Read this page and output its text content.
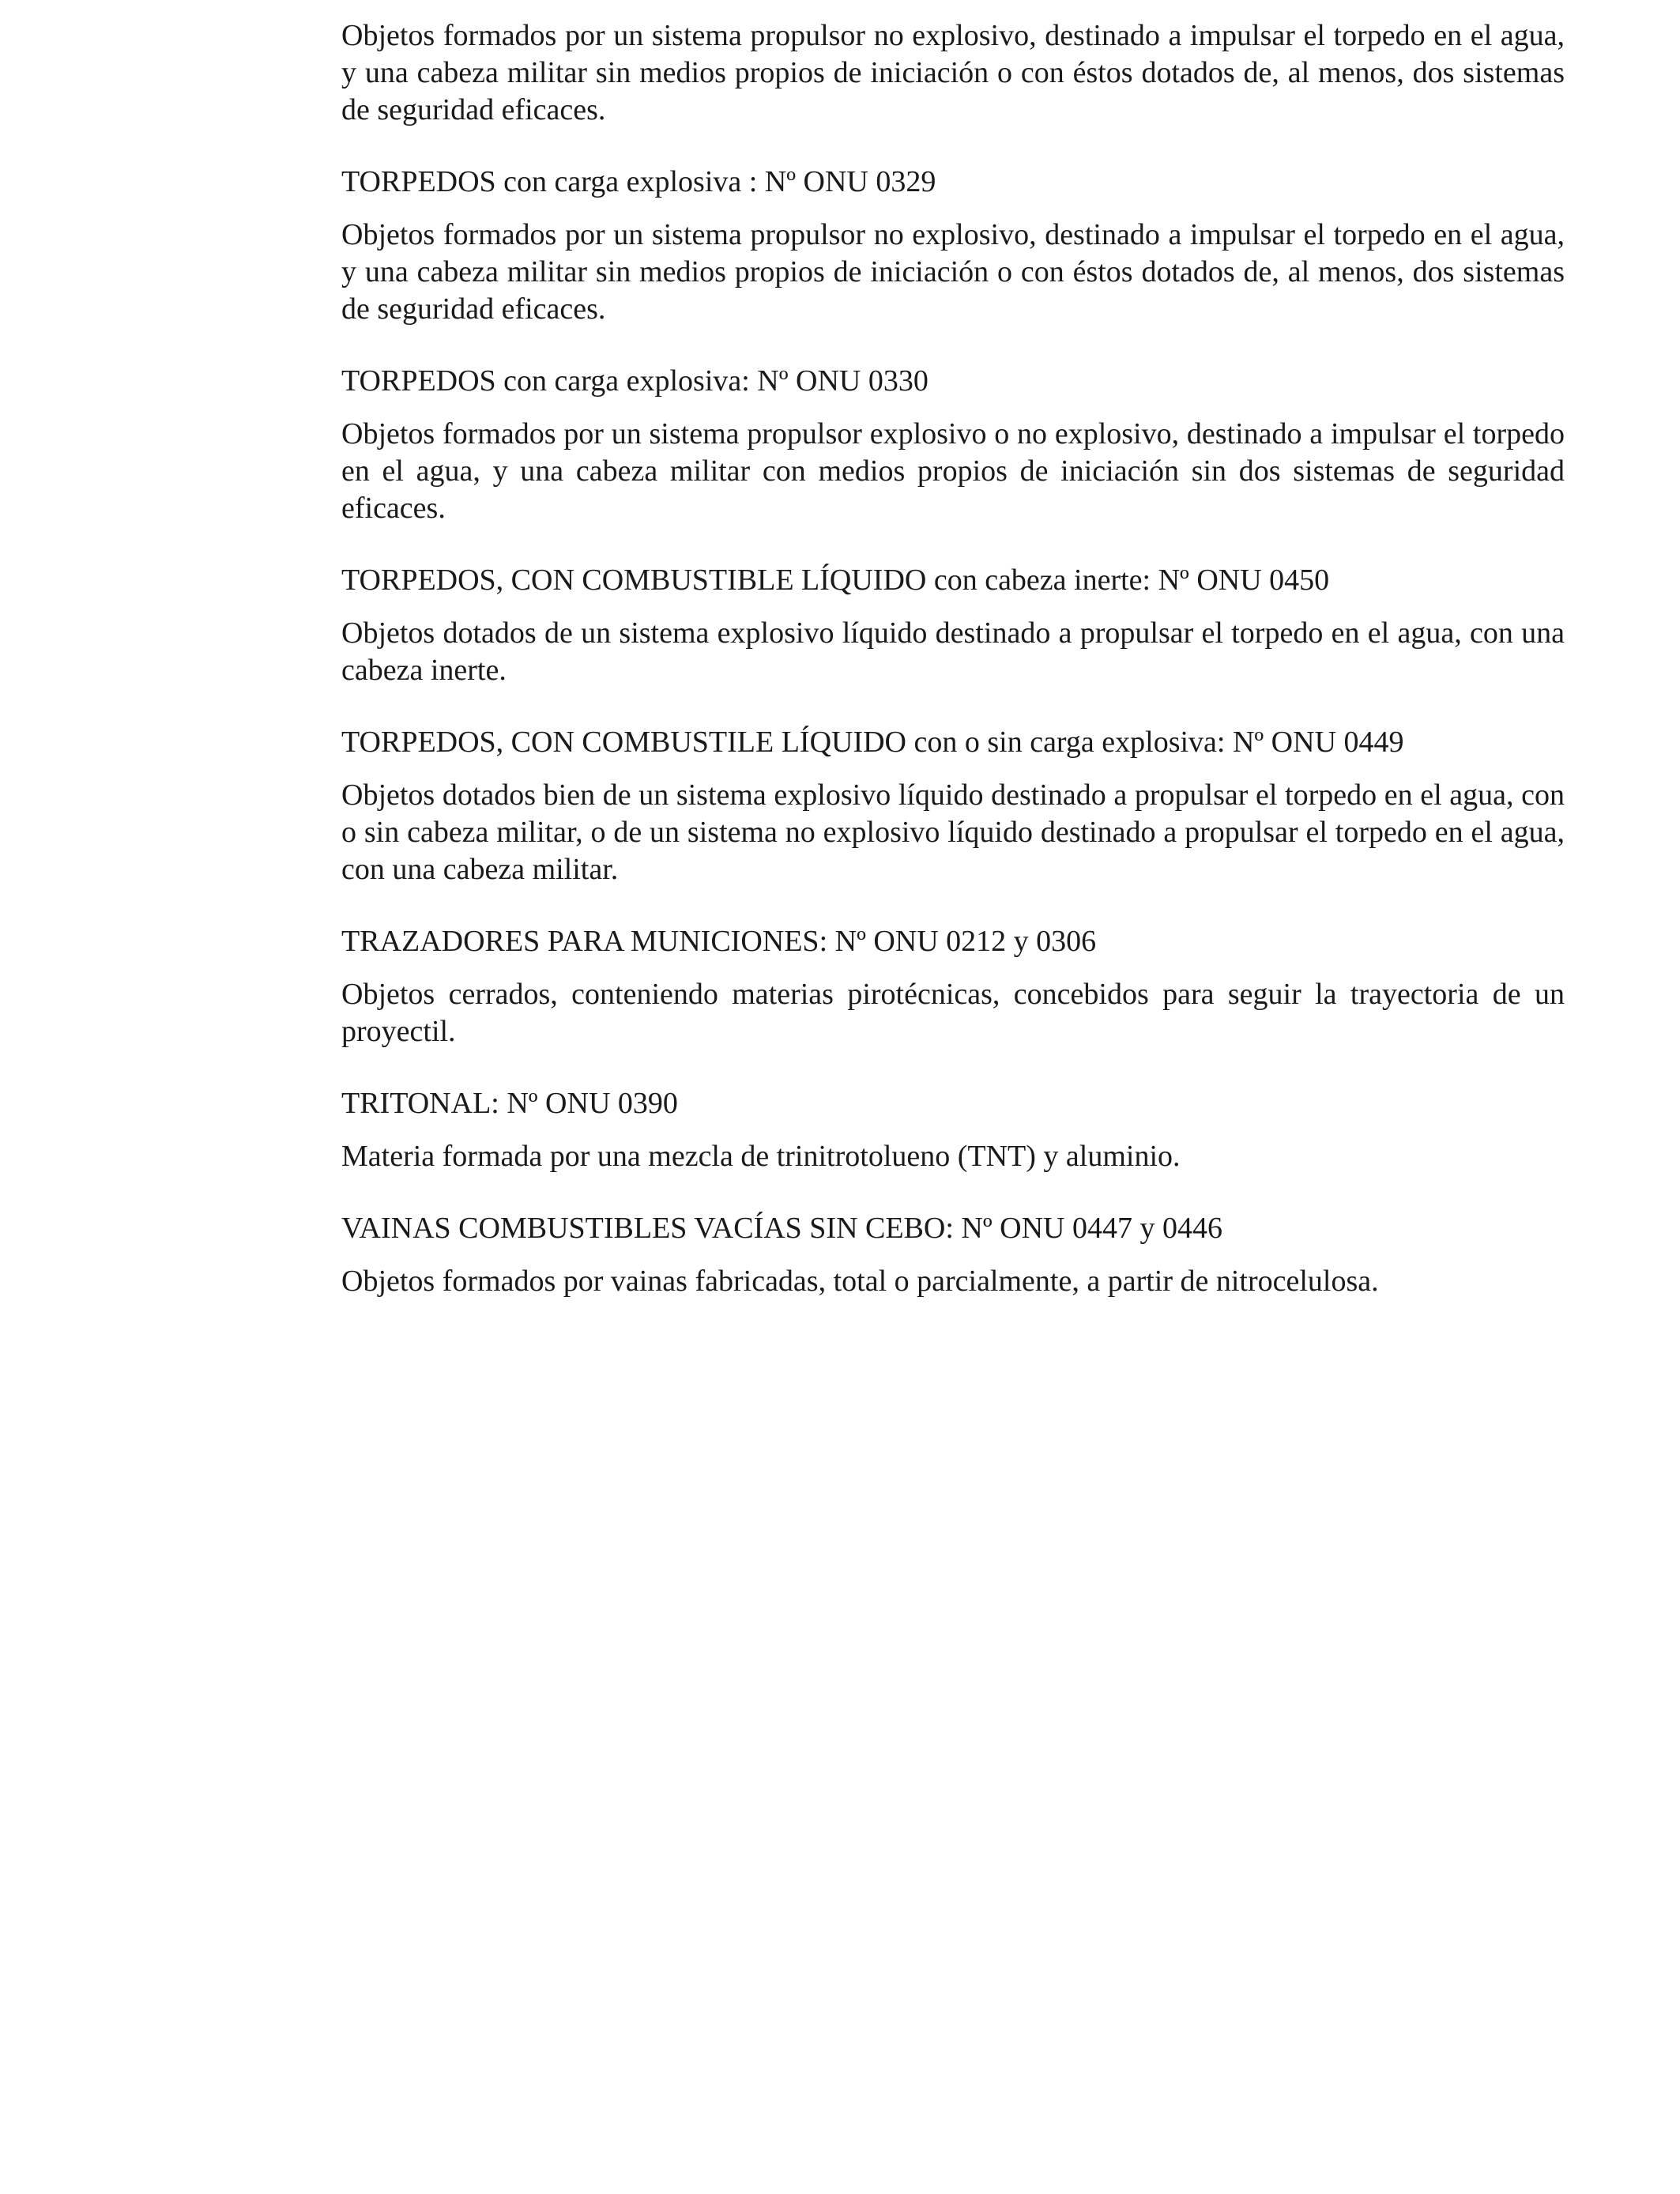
Objetos formados por un sistema propulsor no explosivo, destinado a impulsar el torpedo en el agua, y una cabeza militar sin medios propios de iniciación o con éstos dotados de, al menos, dos sistemas de seguridad eficaces.

TORPEDOS con carga explosiva : Nº ONU 0329

Objetos formados por un sistema propulsor no explosivo, destinado a impulsar el torpedo en el agua, y una cabeza militar sin medios propios de iniciación o con éstos dotados de, al menos, dos sistemas de seguridad eficaces.

TORPEDOS con carga explosiva: Nº ONU 0330

Objetos formados por un sistema propulsor explosivo o no explosivo, destinado a impulsar el torpedo en el agua, y una cabeza militar con medios propios de iniciación sin dos sistemas de seguridad eficaces.

TORPEDOS, CON COMBUSTIBLE LÍQUIDO con cabeza inerte: Nº ONU 0450

Objetos dotados de un sistema explosivo líquido destinado a propulsar el torpedo en el agua, con una cabeza inerte.

TORPEDOS, CON COMBUSTILE LÍQUIDO con o sin carga explosiva: Nº ONU 0449

Objetos dotados bien de un sistema explosivo líquido destinado a propulsar el torpedo en el agua, con o sin cabeza militar, o de un sistema no explosivo líquido destinado a propulsar el torpedo en el agua, con una cabeza militar.

TRAZADORES PARA MUNICIONES: Nº ONU 0212 y 0306

Objetos cerrados, conteniendo materias pirotécnicas, concebidos para seguir la trayectoria de un proyectil.

TRITONAL: Nº ONU 0390

Materia formada por una mezcla de trinitrotolueno (TNT) y aluminio.

VAINAS COMBUSTIBLES VACÍAS SIN CEBO: Nº ONU 0447 y 0446

Objetos formados por vainas fabricadas, total o parcialmente, a partir de nitrocelulosa.
